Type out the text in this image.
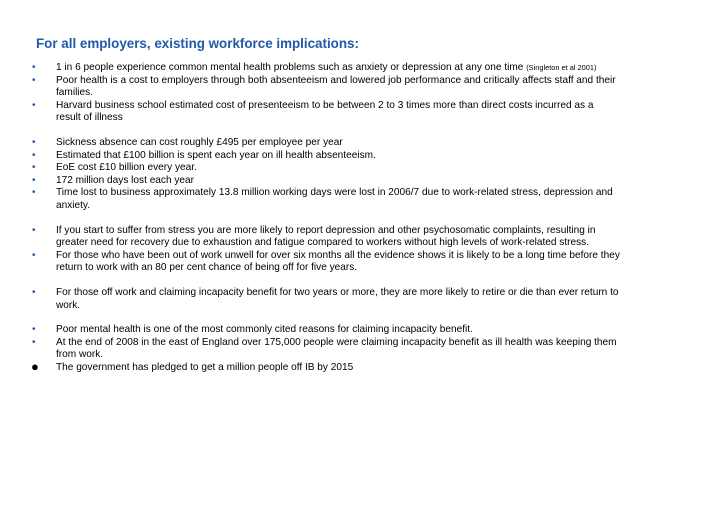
For all employers, existing workforce implications:
•	1 in 6 people experience common mental health problems such as anxiety or depression at any one time (Singleton et al 2001)
•	Poor health is a cost to employers through both absenteeism and lowered job performance and critically affects staff and their families.
•	Harvard business school estimated cost of presenteeism to be between 2 to 3 times more than direct costs incurred as a result of illness
•	Sickness absence can cost roughly £495 per employee per year
•	Estimated that £100 billion is spent each year on ill health absenteeism.
•	EoE cost £10 billion every year.
•	172 million days lost each year
•	Time lost to business approximately 13.8 million working days were lost in 2006/7 due to work-related stress, depression and anxiety.
•	If you start to suffer from stress you are more likely to report depression and other psychosomatic complaints, resulting in greater need for recovery due to exhaustion and fatigue compared to workers without high levels of work-related stress.
•	For those who have been out of work unwell for over six months all the evidence shows it is likely to be a long time before they return to work with an 80 per cent chance of being off for five years.
•	For those off work and claiming incapacity benefit for two years or more, they are more likely to retire or die than ever return to work.
•	Poor mental health is one of the most commonly cited reasons for claiming incapacity benefit.
•	At the end of 2008 in the east of England over 175,000 people were claiming incapacity benefit as ill health was keeping them from work.
●	The government has pledged to get a million people off IB by 2015
